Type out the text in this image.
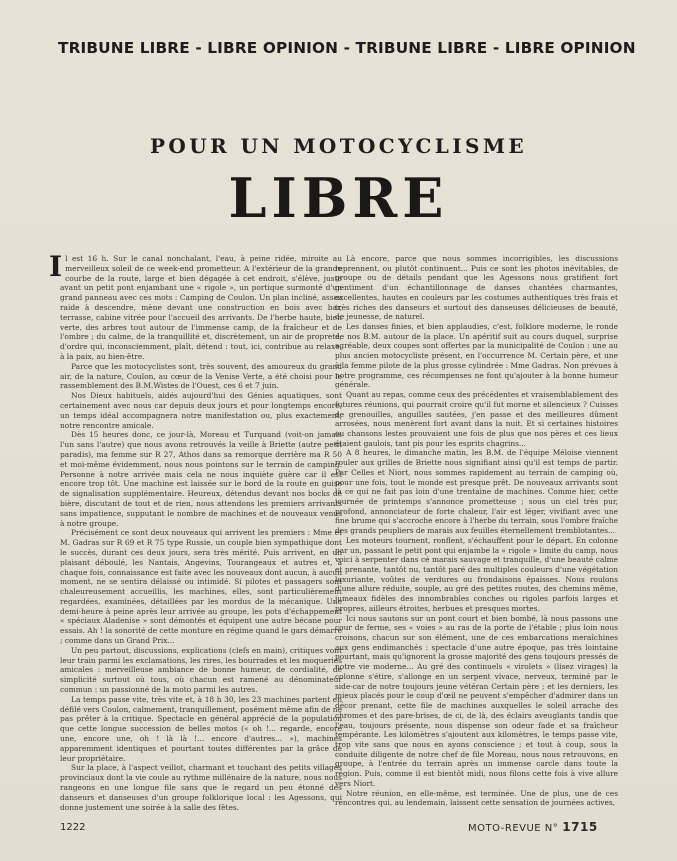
TRIBUNE LIBRE - LIBRE OPINION - TRIBUNE LIBRE - LIBRE OPINION
POUR UN MOTOCYCLISME
LIBRE

Il est 16 h. Sur le canal nonchalant, l'eau, à peine ridée, miroite au merveilleux soleil de ce week-end prometteur. A l'extérieur de la grande courbe de la route, large et bien dégagée à cet endroit, s'élève, juste avant un petit pont enjambant une « rigole », un portique surmonté d'un grand panneau avec ces mots : Camping de Coulon. Un plan incliné, assez raide à descendre, mène devant une construction en bois avec bar, terrasse, cabine vitrée pour l'accueil des arrivants. De l'herbe haute, bien verte, des arbres tout autour de l'immense camp, de la fraîcheur et de l'ombre ; du calme, de la tranquillité et, discrètement, un air de propreté, d'ordre qui, inconsciemment, plaît, détend : tout, ici, contribue au relaxe, à la paix, au bien-être.

Parce que les motocyclistes sont, très souvent, des amoureux du grand air, de la nature, Coulon, au cœur de la Venise Verte, a été choisi pour le rassemblement des B.M.Wistes de l'Ouest, ces 6 et 7 juin.

Nos Dieux habituels, aidés aujourd'hui des Génies aquatiques, sont certainement avec nous car depuis deux jours et pour longtemps encore, un temps idéal accompagnera notre manifestation ou, plus exactement, notre rencontre amicale.

Dès 15 heures donc, ce jour-là, Moreau et Turquand (voit-on jamais l'un sans l'autre) que nous avons retrouvés la veille à Briette (autre petit paradis), ma femme sur R 27, Athos dans sa remorque derrière ma R 50 et moi-même évidemment, nous nous pointons sur le terrain de camping. Personne à notre arrivée mais cela ne nous inquiète guère car il est encore trop tôt. Une machine est laissée sur le bord de la route en guise de signalisation supplémentaire. Heureux, détendus devant nos bocks de bière, discutant de tout et de rien, nous attendons les premiers arrivants sans impatience, supputant le nombre de machines et de nouveaux venus à notre groupe.

Précisément ce sont deux nouveaux qui arrivent les premiers : Mme et M. Gadras sur R 69 et R 75 type Russie, un couple bien sympathique dont le succès, durant ces deux jours, sera très mérité. Puis arrivent, en un plaisant déboulé, les Nantais, Angevins, Tourangeaux et autres et, à chaque fois, connaissance est faite avec les nouveaux dont aucun, à aucun moment, ne se sentira délaissé ou intimidé. Si pilotes et passagers sont chaleureusement accueillis, les machines, elles, sont particulièrement regardées, examinées, détaillées par les mordus de la mécanique. Une demi-heure à peine après leur arrivée au groupe, les pots d'échappement « spéciaux Aladenise » sont démontés et équipent une autre bécane pour essais. Ah ! la sonorité de cette monture en régime quand le gars démarre ; comme dans un Grand Prix...

Un peu partout, discussions, explications (clefs en main), critiques vont leur train parmi les exclamations, les rires, les bourrades et les moqueries amicales : merveilleuse ambiance de bonne humeur, de cordialité, de simplicité surtout où tous, où chacun est ramené au dénominateur commun : un passionné de la moto parmi les autres.

La temps passe vite, très vite et, à 18 h 30, les 23 machines partent en défilé vers Coulon, calmement, tranquillement, posément même afin de ne pas prêter à la critique. Spectacle en général apprécié de la population que cette longue succession de belles motos (« oh !... regarde, encore une, encore une, oh ! là là !... encore d'autres... »), machines apparemment identiques et pourtant toutes différentes par la grâce de leur propriétaire.

Sur la place, à l'aspect veillot, charmant et touchant des petits villages provinciaux dont la vie coule au rythme millénaire de la nature, nous nous rangeons en une longue file sans que le regard un peu étonné des danseurs et danseuses d'un groupe folklorique local : les Agessons, qui donne justement une soirée à la salle des fêtes.

Là encore, parce que nous sommes incorrigibles, les discussions reprennent, ou plutôt continuent... Puis ce sont les photos inévitables, de groupe ou de détails pendant que les Agessons nous gratifient fort gentiment d'un échantillonnage de danses chantées charmantes, excellentes, hautes en couleurs par les costumes authentiques très frais et très riches des danseurs et surtout des danseuses délicieuses de beauté, de jeunesse, de naturel.

Les danses finies, et bien applaudies, c'est, folklore moderne, le ronde de nos B.M. autour de la place. Un apéritif suit au cours duquel, surprise agréable, deux coupes sont offertes par la municipalité de Coulon : une au plus ancien motocycliste présent, en l'occurrence M. Certain père, et une à la femme pilote de la plus grosse cylindrée : Mme Gadras. Non prévues à notre programme, ces récompenses ne font qu'ajouter à la bonne humeur générale.

Quant au repas, comme ceux des précédentes et vraisemblablement des futures réunions, qui pourrait croire qu'il fut morne et silencieux ? Cuisses de grenouilles, anguilles sautées, j'en passe et des meilleures dûment arrosées, nous menèrent fort avant dans la nuit. Et si certaines histoires ou chansons lestes prouvaient une fois de plus que nos pères et ces lieux étaient gaulois, tant pis pour les esprits chagrins...

A 8 heures, le dimanche matin, les B.M. de l'équipe Méloise viennent rouler aux grilles de Briette nous signifiant ainsi qu'il est temps de partir. Par Celles et Niort, nous sommes rapidement au terrain de camping où, pour une fois, tout le monde est presque prêt. De nouveaux arrivants sont là ce qui ne fait pas loin d'une trentaine de machines. Comme hier, cette journée de printemps s'annonce prometteuse ; sous un ciel très pur, profond, annonciateur de forte chaleur, l'air est léger, vivifiant avec une fine brume qui s'accroche encore à l'herbe du terrain, sous l'ombre fraîche des grands peupliers de marais aux feuilles éternellement tremblotantes...

Les moteurs tournent, ronflent, s'échauffent pour le départ. En colonne par un, passant le petit pont qui enjambe la « rigole » limite du camp, nous voici à serpenter dans cé marais sauvage et tranquille, d'une beauté calme et prenante, tantôt nu, tantôt paré des multiples couleurs d'une végétation luxuriante, voûtes de verdures ou frondaisons épaisses. Nous roulons d'une allure réduite, souple, au gré des petites routes, des chemins même, jumeaux fidèles des innombrables conches ou rigoles parfois larges et propres, ailleurs étroites, herbues et presques mortes.

Ici nous sautons sur un pont court et bien bombé, là nous passons une cour de ferme, ses « voies » au ras de la porte de l'étable ; plus loin nous croisons, chacun sur son élément, une de ces embarcations meraîchines aux gens endimanchés : spectacle d'une autre époque, pas très lointaine pourtant, mais qu'ignorent la grosse majorité des gens toujours pressés de notre vie moderne... Au gré des continuels « virolets » (lisez virages) la colonne s'étire, s'allonge en un serpent vivace, nerveux, terminé par le side-car de notre toujours jeune vétéran Certain père ; et les derniers, les mieux placés pour le coup d'œil ne peuvent s'empêcher d'admirer dans un décor prenant, cette file de machines auxquelles le soleil arrache des chromes et des pare-brises, de ci, de là, des éclairs aveuglants tandis que l'eau, toujours présente, nous dispense son odeur fade et sa fraîcheur tempérante. Les kilomètres s'ajoutent aux kilomètres, le temps passe vite, trop vite sans que nous en ayons conscience ; et tout à coup, sous la conduite diligente de notre chef de file Moreau, nous nous retrouvons, en groupe, à l'entrée du terrain après un immense carcle dans toute la région. Puis, comme il est bientôt midi, nous filons cette fois à vive allure vers Niort.

Notre réunion, en elle-même, est terminée. Une de plus, une de ces rencontres qui, au lendemain, laissent cette sensation de journées actives,

1222	MOTO-REVUE N° 1715
